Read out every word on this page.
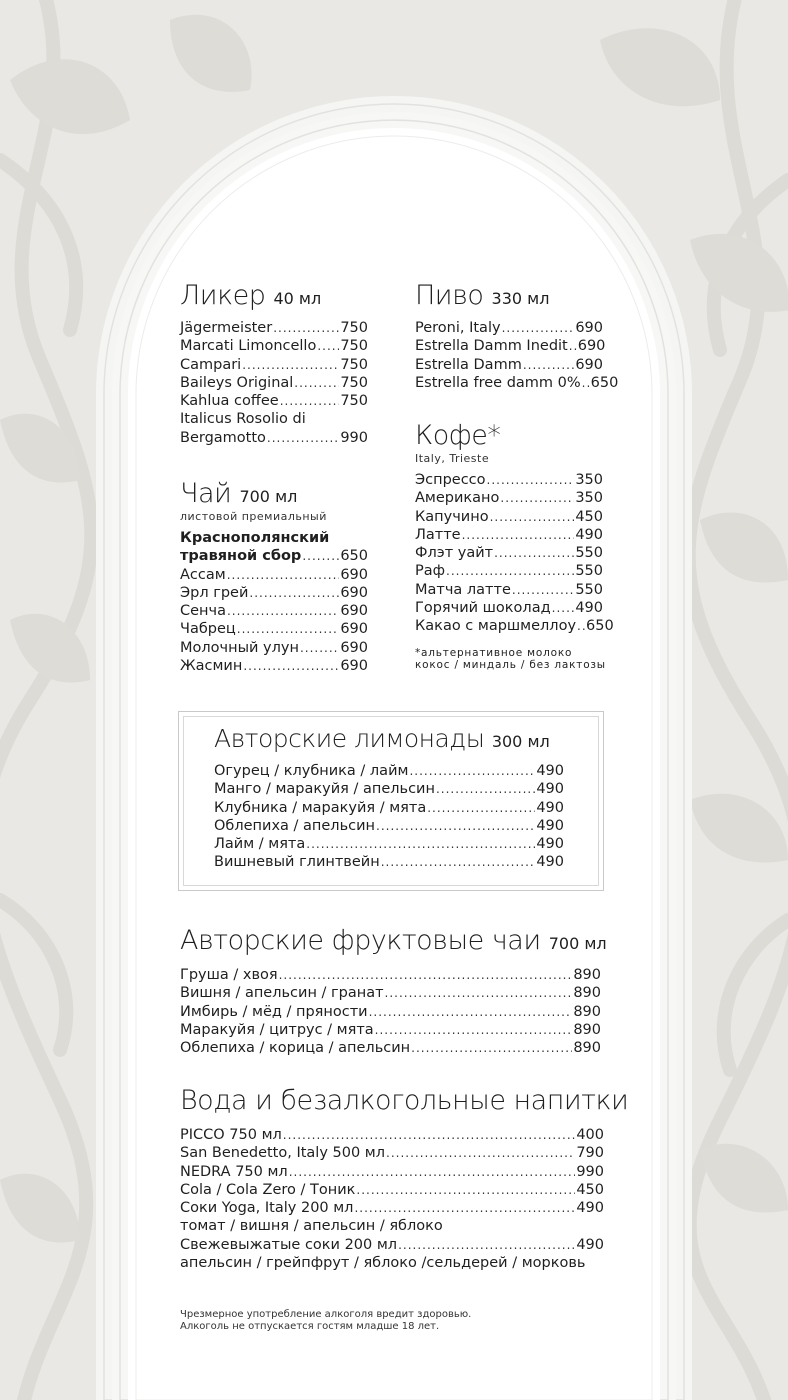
Ликер 40 мл
Jägermeister .....	750
Marcati Limoncello ..... 750
Campari .....	750
Baileys Original .....	750
Kahlua coffee .....	750
Italicus Rosolio di
Bergamotto .....	990
Пиво 330 мл
Peroni, Italy .....	690
Estrella Damm Inedit ..... 690
Estrella Damm .....	690
Estrella free damm 0% ..... 650
Чай 700 мл
листовой премиальный
Краснополянский
травяной сбор .....	650
Ассам .....	690
Эрл грей .....	690
Сенча .....	690
Чабрец .....	690
Молочный улун .....	690
Жасмин .....	690
Кофе*
Italy, Trieste
Эспрессо .....	350
Американо .....	350
Капучино .....	450
Латте .....	490
Флэт уайт .....	550
Раф .....	550
Матча латте .....	550
Горячий шоколад ..... 490
Какао с маршмеллоу ..... 650
*альтернативное молоко
кокос / миндаль / без лактозы
Авторские лимонады 300 мл
Огурец / клубника / лайм .....	490
Манго / маракуйя / апельсин .....	490
Клубника / маракуйя / мята .....	490
Облепиха / апельсин .....	490
Лайм / мята .....	490
Вишневый глинтвейн .....	490
Авторские фруктовые чаи 700 мл
Груша / хвоя .....	890
Вишня / апельсин / гранат .....	890
Имбирь / мёд / пряности .....	890
Маракуйя / цитрус / мята .....	890
Облепиха / корица / апельсин .....	890
Вода и безалкогольные напитки
PICCO 750 мл .....	400
San Benedetto, Italy 500 мл .....	790
NEDRA 750 мл .....	990
Cola / Cola Zero / Тоник .....	450
Соки Yoga, Italy 200 мл .....	490
томат / вишня / апельсин / яблоко
Свежевыжатые соки 200 мл .....	490
апельсин / грейпфрут / яблоко /сельдерей / морковь
Чрезмерное употребление алкоголя вредит здоровью.
Алкоголь не отпускается гостям младше 18 лет.
